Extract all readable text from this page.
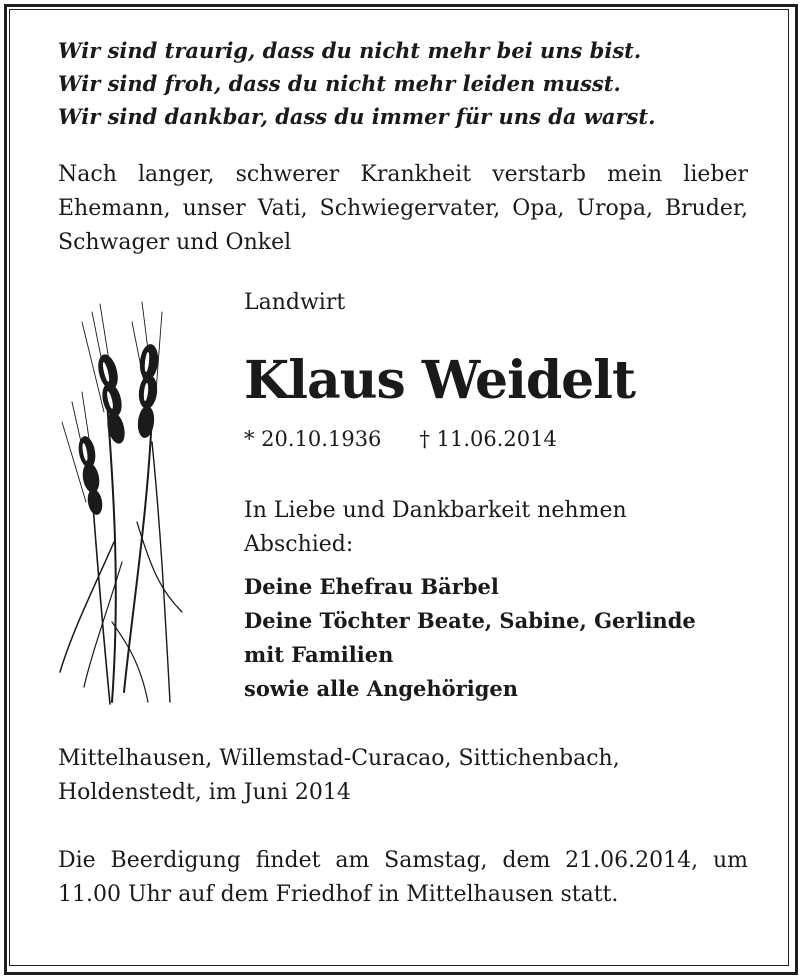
Wir sind traurig, dass du nicht mehr bei uns bist.
Wir sind froh, dass du nicht mehr leiden musst.
Wir sind dankbar, dass du immer für uns da warst.
Nach langer, schwerer Krankheit verstarb mein lieber Ehemann, unser Vati, Schwiegervater, Opa, Uropa, Bruder, Schwager und Onkel
Landwirt
Klaus Weidelt
* 20.10.1936 † 11.06.2014
In Liebe und Dankbarkeit nehmen Abschied:
Deine Ehefrau Bärbel
Deine Töchter Beate, Sabine, Gerlinde
mit Familien
sowie alle Angehörigen
Mittelhausen, Willemstad-Curacao, Sittichenbach, Holdenstedt, im Juni 2014
Die Beerdigung findet am Samstag, dem 21.06.2014, um 11.00 Uhr auf dem Friedhof in Mittelhausen statt.
